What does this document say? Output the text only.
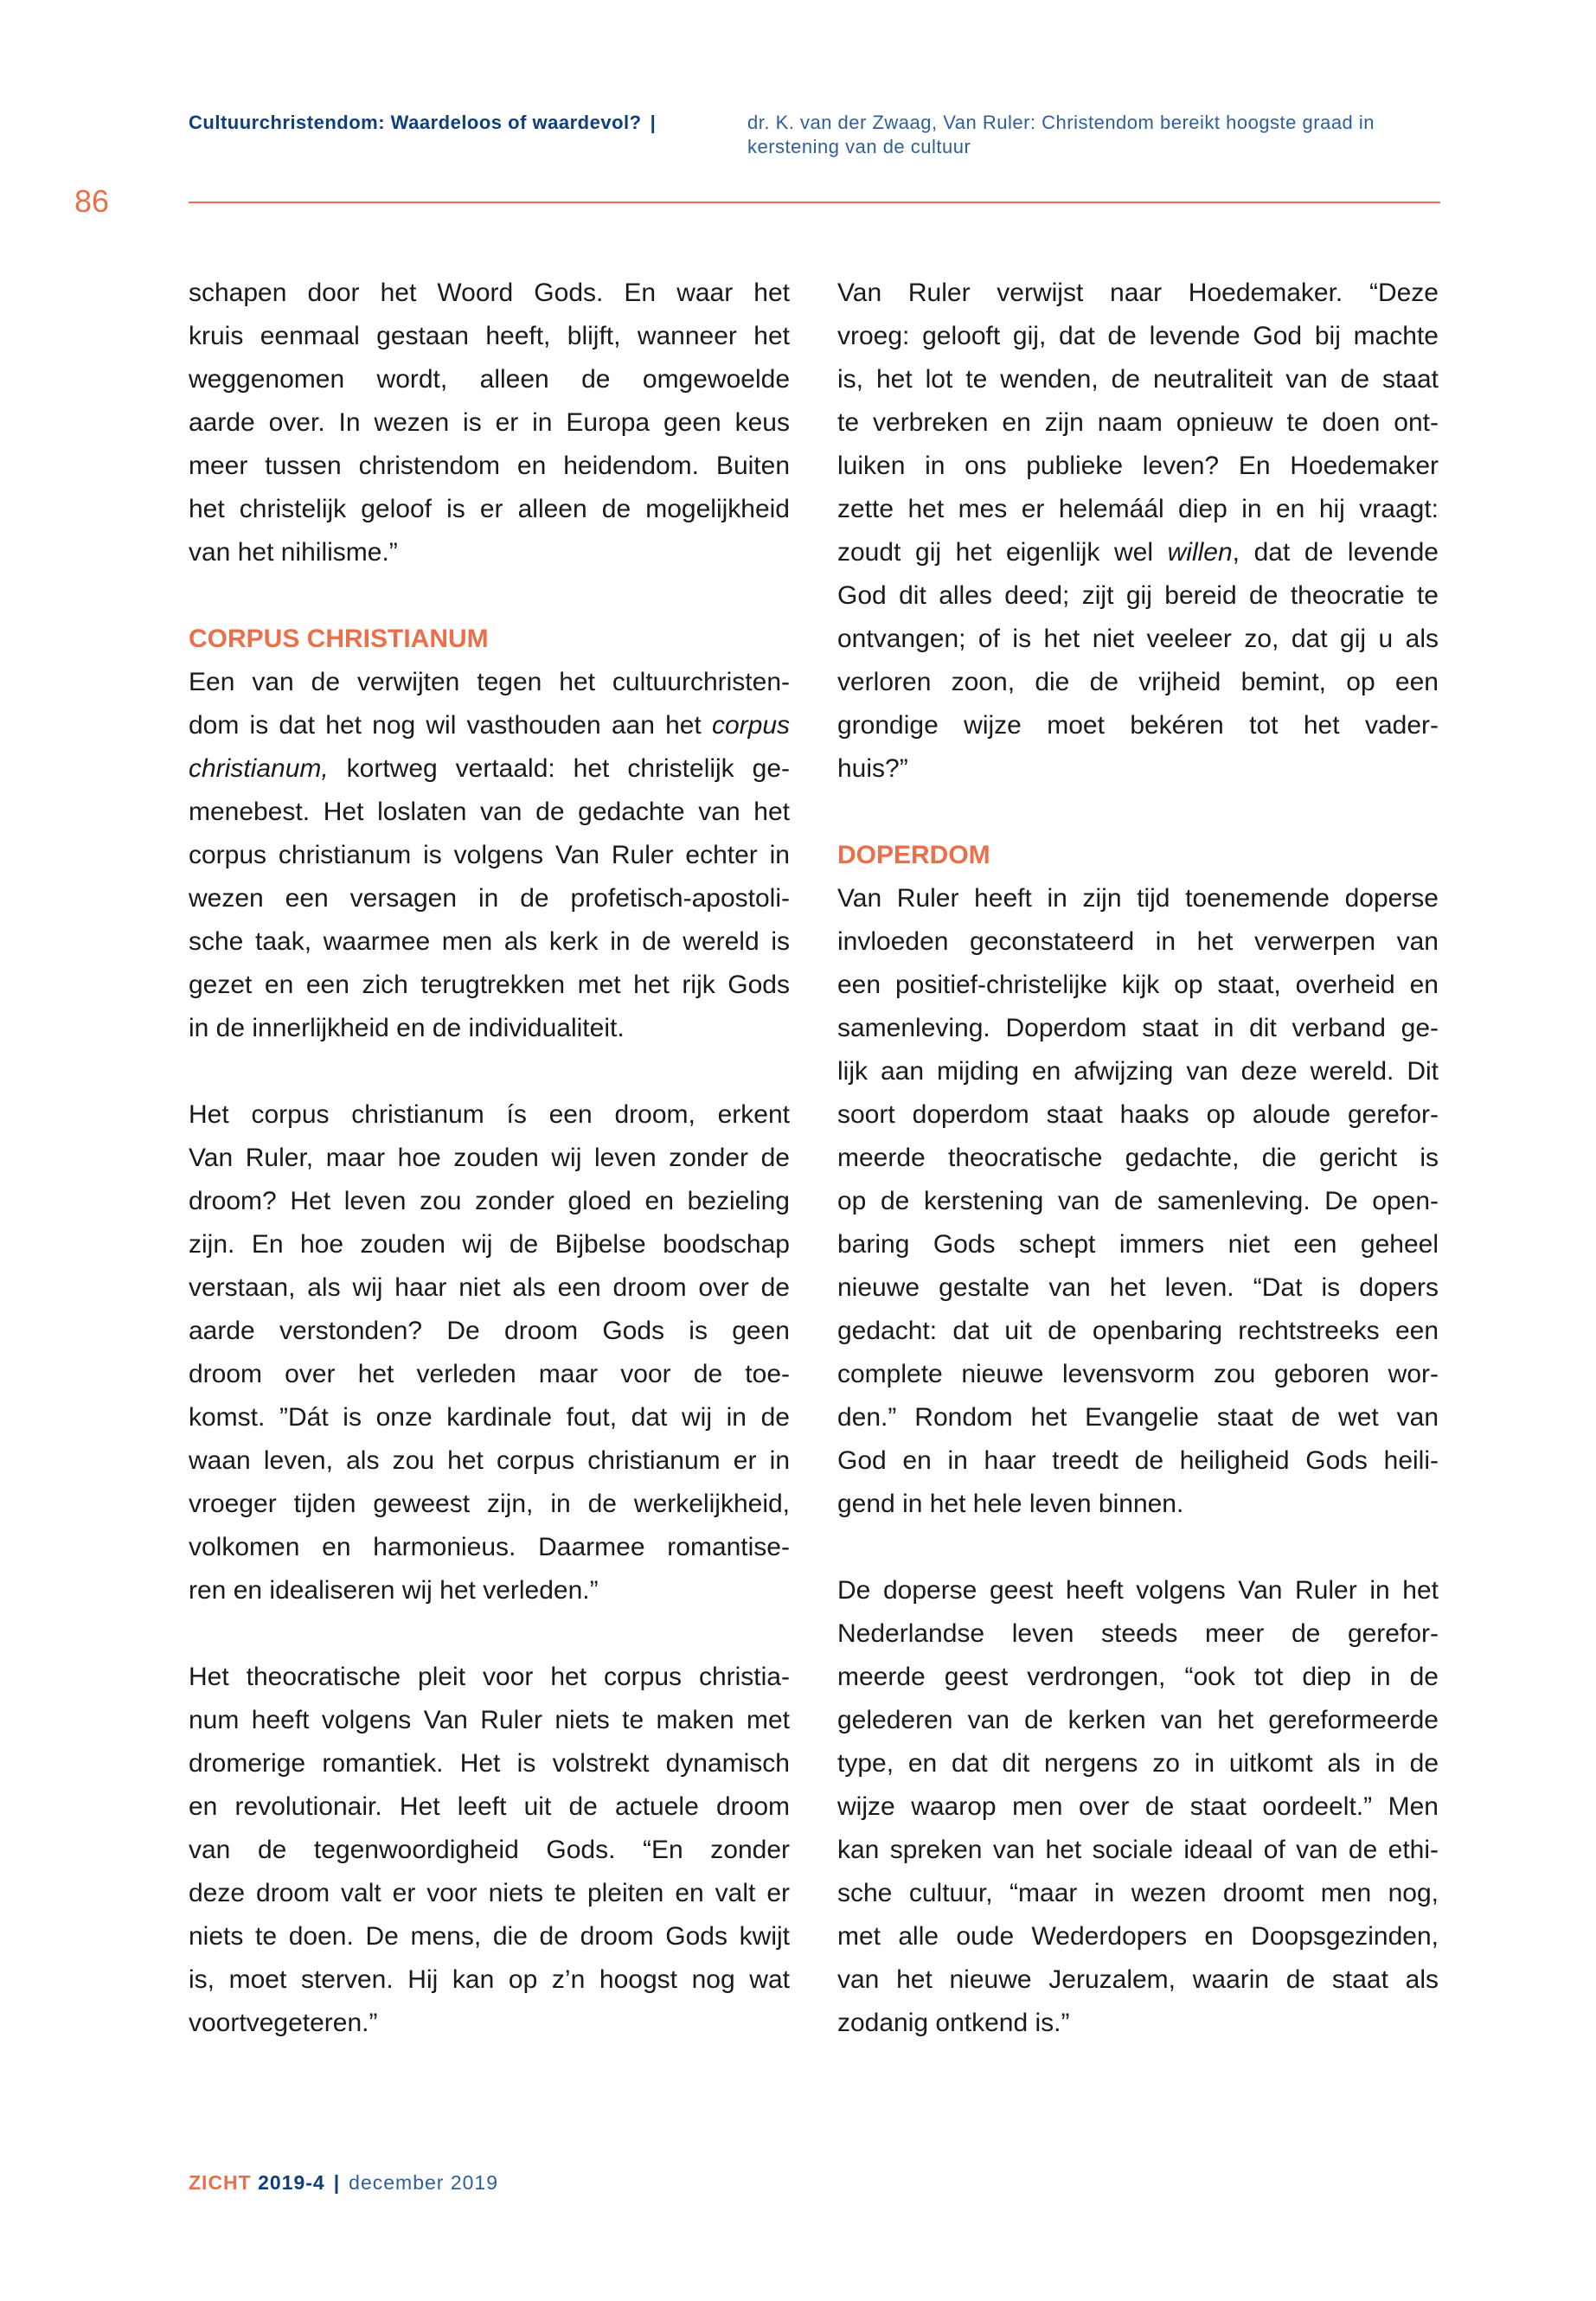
Cultuurchristendom: Waardeloos of waardevol? |	dr. K. van der Zwaag, Van Ruler: Christendom bereikt hoogste graad in kerstening van de cultuur
86
schapen door het Woord Gods. En waar het
kruis eenmaal gestaan heeft, blijft, wanneer het
weggenomen wordt, alleen de omgewoelde
aarde over. In wezen is er in Europa geen keus
meer tussen christendom en heidendom. Buiten
het christelijk geloof is er alleen de mogelijkheid
van het nihilisme.”
CORPUS CHRISTIANUM
Een van de verwijten tegen het cultuurchristen-
dom is dat het nog wil vasthouden aan het corpus
christianum, kortweg vertaald: het christelijk ge-
menebest. Het loslaten van de gedachte van het
corpus christianum is volgens Van Ruler echter in
wezen een versagen in de profetisch-apostoli-
sche taak, waarmee men als kerk in de wereld is
gezet en een zich terugtrekken met het rijk Gods
in de innerlijkheid en de individualiteit.
Het corpus christianum ís een droom, erkent
Van Ruler, maar hoe zouden wij leven zonder de
droom? Het leven zou zonder gloed en bezieling
zijn. En hoe zouden wij de Bijbelse boodschap
verstaan, als wij haar niet als een droom over de
aarde verstonden? De droom Gods is geen
droom over het verleden maar voor de toe-
komst. ”Dát is onze kardinale fout, dat wij in de
waan leven, als zou het corpus christianum er in
vroeger tijden geweest zijn, in de werkelijkheid,
volkomen en harmonieus. Daarmee romantise-
ren en idealiseren wij het verleden.”
Het theocratische pleit voor het corpus christia-
num heeft volgens Van Ruler niets te maken met
dromerige romantiek. Het is volstrekt dynamisch
en revolutionair. Het leeft uit de actuele droom
van de tegenwoordigheid Gods. “En zonder
deze droom valt er voor niets te pleiten en valt er
niets te doen. De mens, die de droom Gods kwijt
is, moet sterven. Hij kan op z’n hoogst nog wat
voortvegeteren.”
Van Ruler verwijst naar Hoedemaker. “Deze
vroeg: gelooft gij, dat de levende God bij machte
is, het lot te wenden, de neutraliteit van de staat
te verbreken en zijn naam opnieuw te doen ont-
luiken in ons publieke leven? En Hoedemaker
zette het mes er helemáál diep in en hij vraagt:
zoudt gij het eigenlijk wel willen, dat de levende
God dit alles deed; zijt gij bereid de theocratie te
ontvangen; of is het niet veeleer zo, dat gij u als
verloren zoon, die de vrijheid bemint, op een
grondige wijze moet bekéren tot het vader-
huis?”
DOPERDOM
Van Ruler heeft in zijn tijd toenemende doperse
invloeden geconstateerd in het verwerpen van
een positief-christelijke kijk op staat, overheid en
samenleving. Doperdom staat in dit verband ge-
lijk aan mijding en afwijzing van deze wereld. Dit
soort doperdom staat haaks op aloude gerefor-
meerde theocratische gedachte, die gericht is
op de kerstening van de samenleving. De open-
baring Gods schept immers niet een geheel
nieuwe gestalte van het leven. “Dat is dopers
gedacht: dat uit de openbaring rechtstreeks een
complete nieuwe levensvorm zou geboren wor-
den.” Rondom het Evangelie staat de wet van
God en in haar treedt de heiligheid Gods heili-
gend in het hele leven binnen.
De doperse geest heeft volgens Van Ruler in het
Nederlandse leven steeds meer de gerefor-
meerde geest verdrongen, “ook tot diep in de
gelederen van de kerken van het gereformeerde
type, en dat dit nergens zo in uitkomt als in de
wijze waarop men over de staat oordeelt.” Men
kan spreken van het sociale ideaal of van de ethi-
sche cultuur, “maar in wezen droomt men nog,
met alle oude Wederdopers en Doopsgezinden,
van het nieuwe Jeruzalem, waarin de staat als
zodanig ontkend is.”
ZICHT 2019-4 | december 2019
